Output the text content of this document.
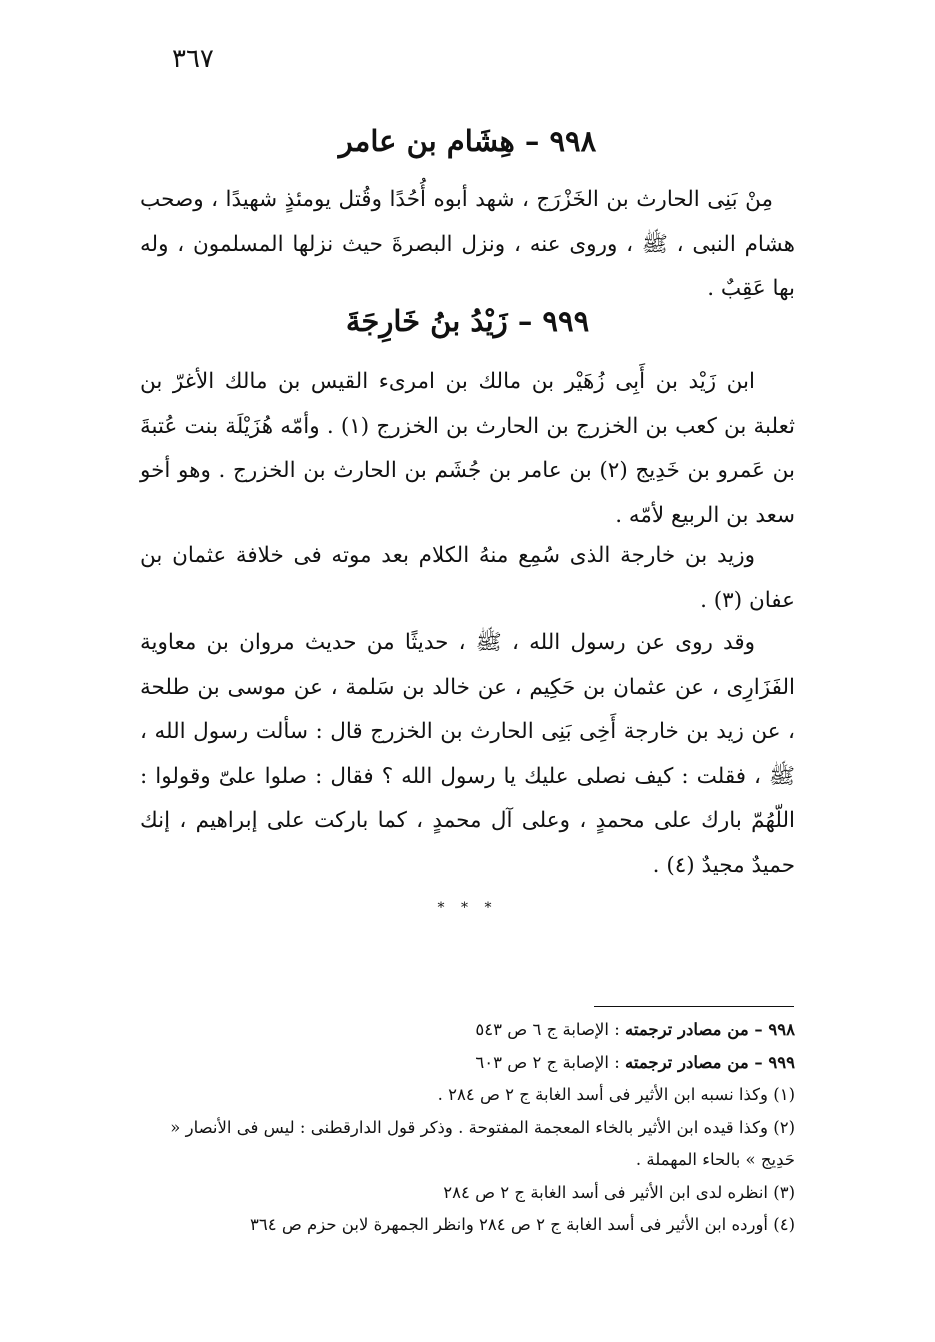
٣٦٧
٩٩٨ – هِشَام بن عامر
مِنْ بَنِى الحارث بن الخَزْرَج ، شهد أبوه أُحُدًا وقُتل يومئذٍ شهيدًا ، وصحب هشام النبى ، ﷺ ، وروى عنه ، ونزل البصرةَ حيث نزلها المسلمون ، وله بها عَقِبٌ .
٩٩٩ – زَيْدُ بنُ خَارِجَةَ
ابن زَيْد بن أَبِى زُهَيْر بن مالك بن امرىء القيس بن مالك الأغرّ بن ثعلبة بن كعب بن الخزرج بن الحارث بن الخزرج (١) . وأمّه هُزَيْلَة بنت عُتبةَ بن عَمرو بن خَدِيج (٢) بن عامر بن جُشَم بن الحارث بن الخزرج . وهو أخو سعد بن الربيع لأمّه .
وزيد بن خارجة الذى سُمِع منهُ الكلام بعد موته فى خلافة عثمان بن عفان (٣) .
وقد روى عن رسول الله ، ﷺ ، حديثًا من حديث مروان بن معاوية الفَزَارِى ، عن عثمان بن حَكِيم ، عن خالد بن سَلمة ، عن موسى بن طلحة ، عن زيد بن خارجة أَخِى بَنِى الحارث بن الخزرج قال : سألت رسول الله ، ﷺ ، فقلت : كيف نصلى عليك يا رسول الله ؟ فقال : صلوا علىّ وقولوا : اللّهُمّ بارك على محمدٍ ، وعلى آل محمدٍ ، كما باركت على إبراهيم ، إنك حميدٌ مجيدٌ (٤) .
* * *
٩٩٨ – من مصادر ترجمته : الإصابة ج ٦ ص ٥٤٣
٩٩٩ – من مصادر ترجمته : الإصابة ج ٢ ص ٦٠٣
(١) وكذا نسبه ابن الأثير فى أسد الغابة ج ٢ ص ٢٨٤ .
(٢) وكذا قيده ابن الأثير بالخاء المعجمة المفتوحة . وذكر قول الدارقطنى : ليس فى الأنصار « حَدِيج » بالحاء المهملة .
(٣) انظره لدى ابن الأثير فى أسد الغابة ج ٢ ص ٢٨٤
(٤) أورده ابن الأثير فى أسد الغابة ج ٢ ص ٢٨٤ وانظر الجمهرة لابن حزم ص ٣٦٤
